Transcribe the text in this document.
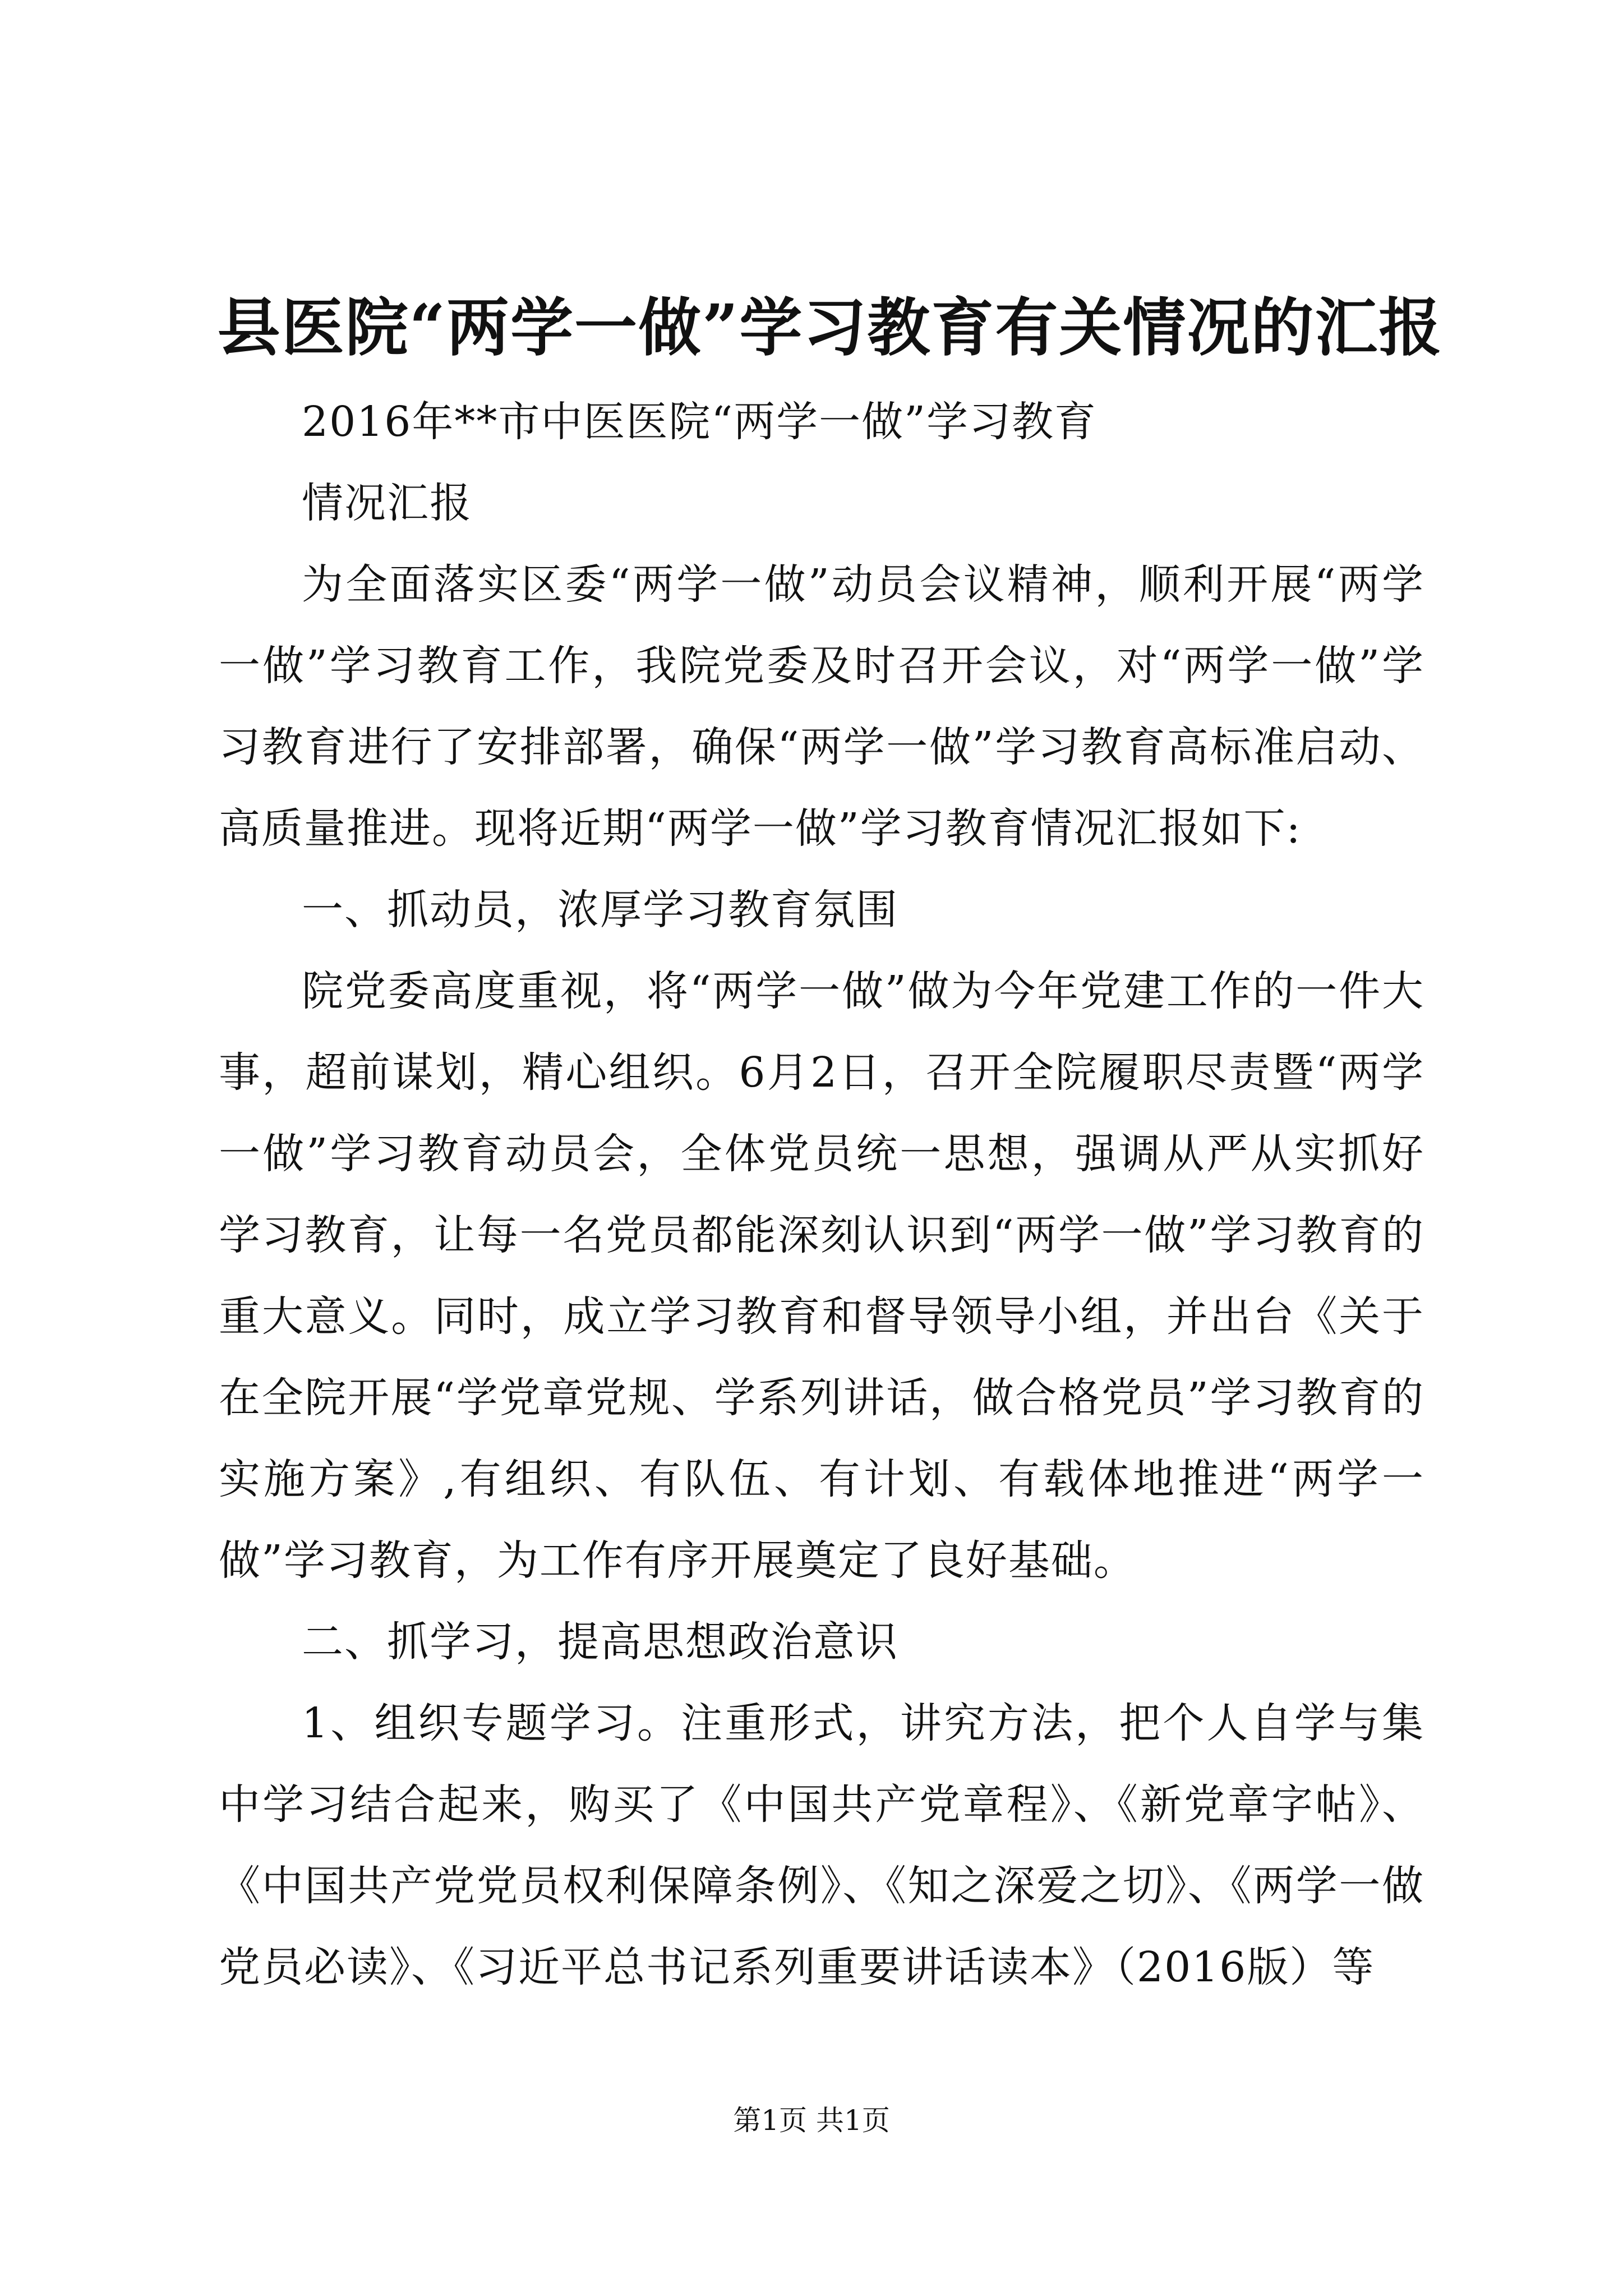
县医院“两学一做”学习教育有关情况的汇报

2016年**市中医医院“两学一做”学习教育

情况汇报

为全面落实区委“两学一做”动员会议精神，顺利开展“两学一做”学习教育工作，我院党委及时召开会议，对“两学一做”学习教育进行了安排部署，确保“两学一做”学习教育高标准启动、高质量推进。现将近期“两学一做”学习教育情况汇报如下:

一、抓动员，浓厚学习教育氛围

院党委高度重视，将“两学一做”做为今年党建工作的一件大事，超前谋划，精心组织。6月2日，召开全院履职尽责暨“两学一做”学习教育动员会，全体党员统一思想，强调从严从实抓好学习教育，让每一名党员都能深刻认识到“两学一做”学习教育的重大意义。同时，成立学习教育和督导领导小组，并出台《关于在全院开展“学党章党规、学系列讲话，做合格党员”学习教育的实施方案》,有组织、有队伍、有计划、有载体地推进“两学一做”学习教育，为工作有序开展奠定了良好基础。

二、抓学习，提高思想政治意识

1、组织专题学习。注重形式，讲究方法，把个人自学与集中学习结合起来，购买了《中国共产党章程》、《新党章字帖》、《中国共产党党员权利保障条例》、《知之深爱之切》、《两学一做党员必读》、《习近平总书记系列重要讲话读本》（2016版）等

第1页 共1页
